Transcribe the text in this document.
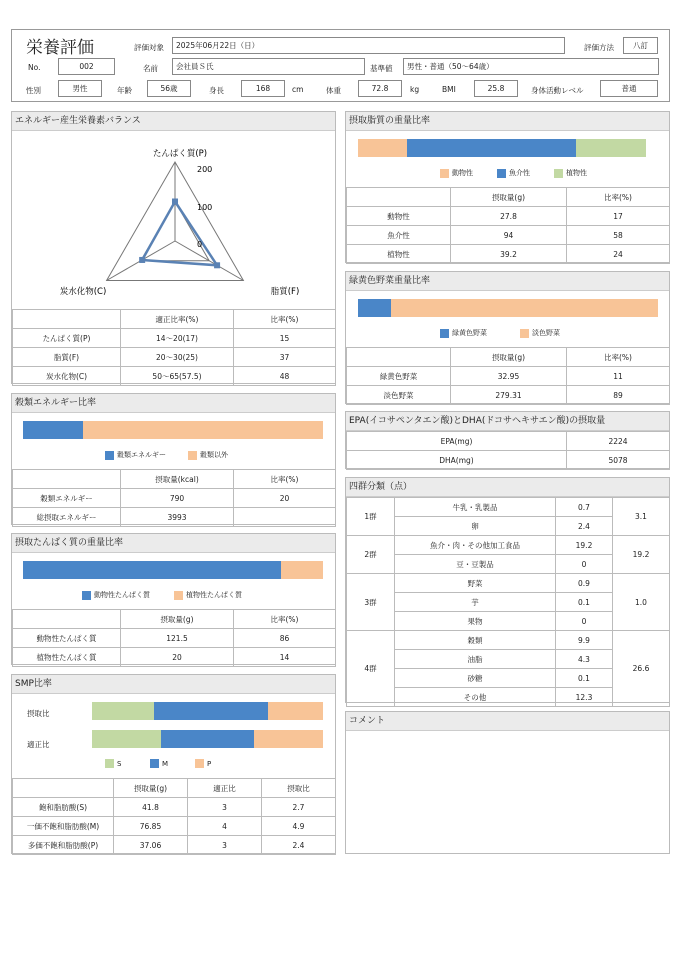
栄養評価	評価対象	2025年06月22日（日）	評価方法	八訂
No.	002	名前	会社員Ｓ氏	基準値	男性・普通（50～64歳）
性別	男性	年齢	56歳	身長	168	cm	体重	72.8	kg	BMI	25.8	身体活動レベル	普通
エネルギー産生栄養素バランス
200
100
0
たんぱく質(P)
脂質(F)
炭水化物(C)
	適正比率(%)	比率(%)
たんぱく質(P)	14～20(17)	15
脂質(F)	20～30(25)	37
炭水化物(C)	50～65(57.5)	48
穀類エネルギー比率
穀類エネルギー	穀類以外
	摂取量(kcal)	比率(%)
穀類エネルギー	790	20
総摂取エネルギー	3993	
摂取たんぱく質の重量比率
動物性たんぱく質	植物性たんぱく質
	摂取量(g)	比率(%)
動物性たんぱく質	121.5	86
植物性たんぱく質	20	14
SMP比率
摂取比
適正比
S	M	P
	摂取量(g)	適正比	摂取比
飽和脂肪酸(S)	41.8	3	2.7
一価不飽和脂肪酸(M)	76.85	4	4.9
多価不飽和脂肪酸(P)	37.06	3	2.4
摂取脂質の重量比率
動物性	魚介性	植物性
	摂取量(g)	比率(%)
動物性	27.8	17
魚介性	94	58
植物性	39.2	24
緑黄色野菜重量比率
緑黄色野菜	淡色野菜
	摂取量(g)	比率(%)
緑黄色野菜	32.95	11
淡色野菜	279.31	89
EPA(イコサペンタエン酸)とDHA(ドコサヘキサエン酸)の摂取量
EPA(mg)	2224
DHA(mg)	5078
四群分類（点）
1群	牛乳・乳製品	0.7	3.1
	卵	2.4	
2群	魚介・肉・その他加工食品	19.2	19.2
	豆・豆製品	0	
3群	野菜	0.9	1.0
	芋	0.1	
	果物	0	
4群	穀類	9.9	26.6
	油脂	4.3	
	砂糖	0.1	
	その他	12.3	
コメント
